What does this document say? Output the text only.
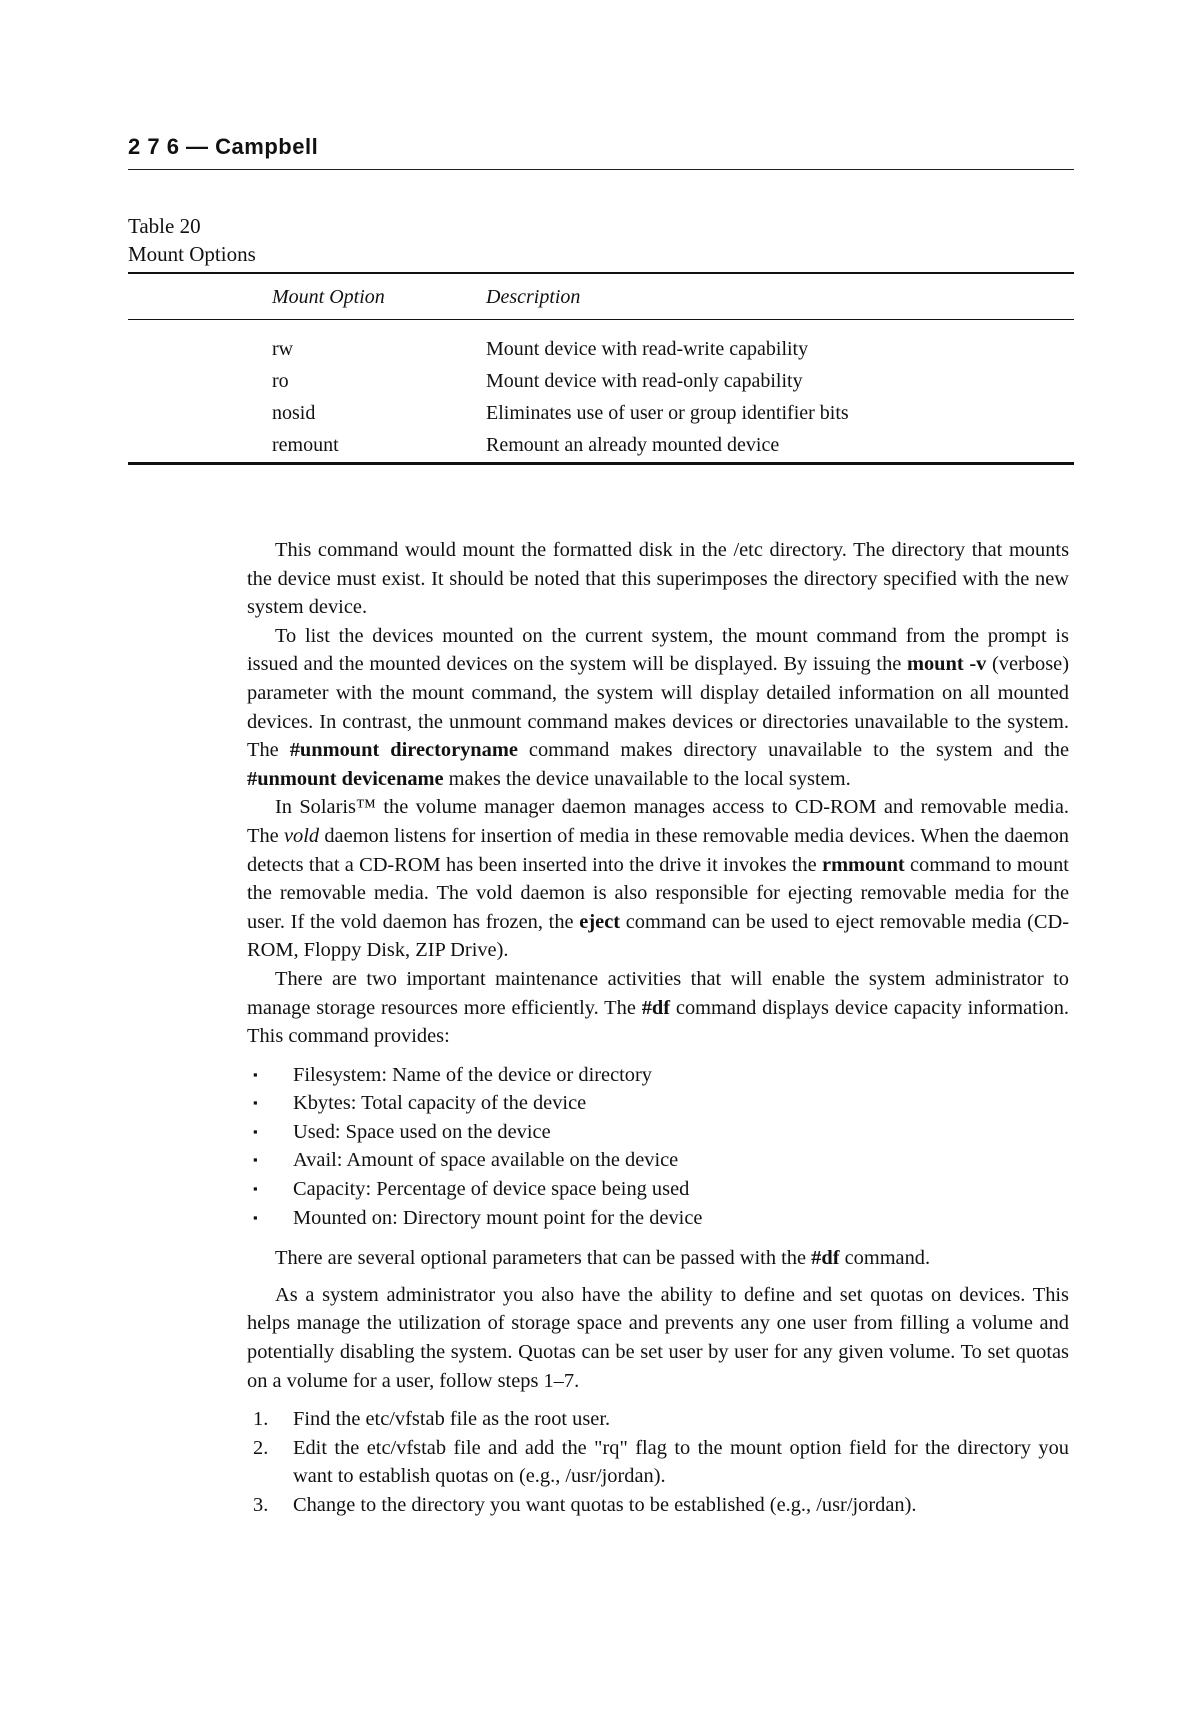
2 7 6 — Campbell
Table 20
Mount Options
Mount Option	Description
rw	Mount device with read-write capability
ro	Mount device with read-only capability
nosid	Eliminates use of user or group identifier bits
remount	Remount an already mounted device

This command would mount the formatted disk in the /etc directory. The directory that mounts the device must exist. It should be noted that this superimposes the directory specified with the new system device.

To list the devices mounted on the current system, the mount command from the prompt is issued and the mounted devices on the system will be displayed. By issuing the mount -v (verbose) parameter with the mount command, the system will display detailed information on all mounted devices. In contrast, the unmount command makes devices or directories unavailable to the system. The #unmount directoryname command makes directory unavailable to the system and the #unmount devicename makes the device unavailable to the local system.

In Solaris™ the volume manager daemon manages access to CD-ROM and removable media. The vold daemon listens for insertion of media in these removable media devices. When the daemon detects that a CD-ROM has been inserted into the drive it invokes the rmmount command to mount the removable media. The vold daemon is also responsible for ejecting removable media for the user. If the vold daemon has frozen, the eject command can be used to eject removable media (CD-ROM, Floppy Disk, ZIP Drive).

There are two important maintenance activities that will enable the system administrator to manage storage resources more efficiently. The #df command displays device capacity information. This command provides:

▪ Filesystem: Name of the device or directory
▪ Kbytes: Total capacity of the device
▪ Used: Space used on the device
▪ Avail: Amount of space available on the device
▪ Capacity: Percentage of device space being used
▪ Mounted on: Directory mount point for the device

There are several optional parameters that can be passed with the #df command.

As a system administrator you also have the ability to define and set quotas on devices. This helps manage the utilization of storage space and prevents any one user from filling a volume and potentially disabling the system. Quotas can be set user by user for any given volume. To set quotas on a volume for a user, follow steps 1–7.

1. Find the etc/vfstab file as the root user.
2. Edit the etc/vfstab file and add the "rq" flag to the mount option field for the directory you want to establish quotas on (e.g., /usr/jordan).
3. Change to the directory you want quotas to be established (e.g., /usr/jordan).
